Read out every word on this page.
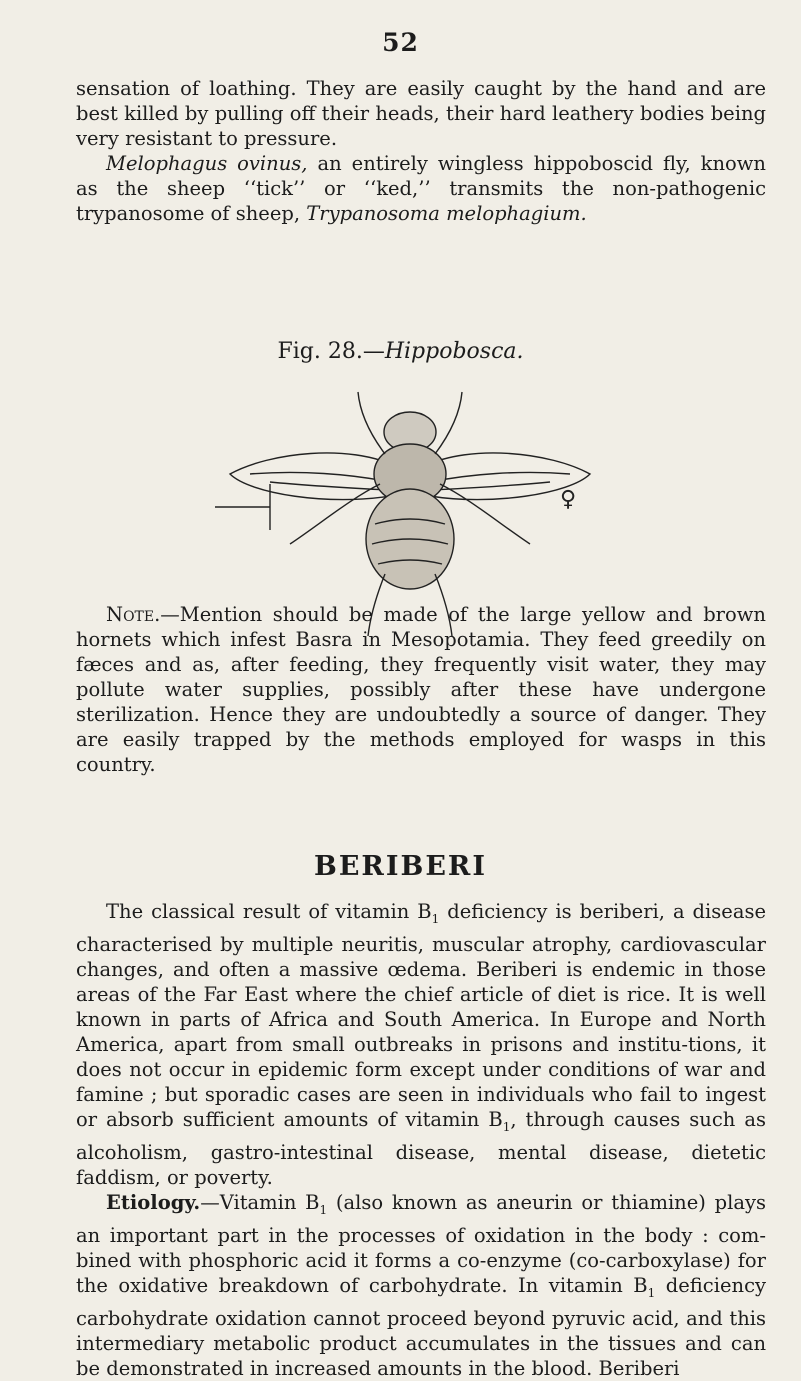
52

sensation of loathing. They are easily caught by the hand and are best killed by pulling off their heads, their hard leathery bodies being very resistant to pressure.

Melophagus ovinus, an entirely wingless hippoboscid fly, known as the sheep ‘‘tick’’ or ‘‘ked,’’ transmits the non-pathogenic trypanosome of sheep, Trypanosoma melophagium.

Fig. 28.—Hippobosca.
♀

Note.—Mention should be made of the large yellow and brown hornets which infest Basra in Mesopotamia. They feed greedily on fæces and as, after feeding, they frequently visit water, they may pollute water supplies, possibly after these have undergone sterilization. Hence they are undoubtedly a source of danger. They are easily trapped by the methods employed for wasps in this country.

BERIBERI

The classical result of vitamin $B_1$ deficiency is beriberi, a disease characterised by multiple neuritis, muscular atrophy, cardiovascular changes, and often a massive œdema. Beriberi is endemic in those areas of the Far East where the chief article of diet is rice. It is well known in parts of Africa and South America. In Europe and North America, apart from small outbreaks in prisons and institu-tions, it does not occur in epidemic form except under conditions of war and famine ; but sporadic cases are seen in individuals who fail to ingest or absorb sufficient amounts of vitamin $B_1$, through causes such as alcoholism, gastro-intestinal disease, mental disease, dietetic faddism, or poverty.

Etiology.—Vitamin $B_1$ (also known as aneurin or thiamine) plays an important part in the processes of oxidation in the body : com-bined with phosphoric acid it forms a co-enzyme (co-carboxylase) for the oxidative breakdown of carbohydrate. In vitamin $B_1$ deficiency carbohydrate oxidation cannot proceed beyond pyruvic acid, and this intermediary metabolic product accumulates in the tissues and can be demonstrated in increased amounts in the blood. Beriberi
